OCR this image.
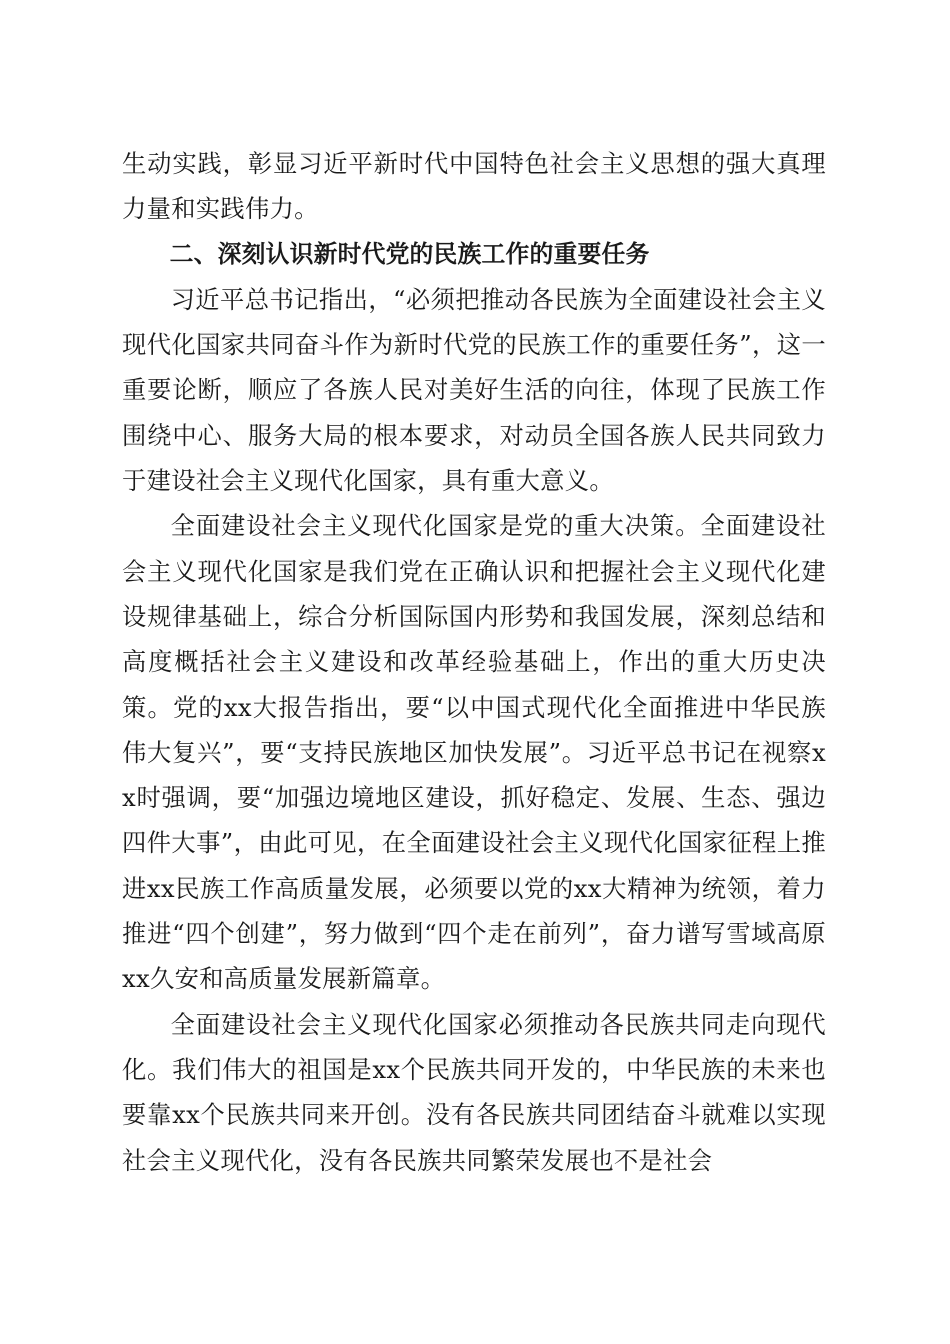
生动实践，彰显习近平新时代中国特色社会主义思想的强大真理力量和实践伟力。

二、深刻认识新时代党的民族工作的重要任务

习近平总书记指出，“必须把推动各民族为全面建设社会主义现代化国家共同奋斗作为新时代党的民族工作的重要任务”，这一重要论断，顺应了各族人民对美好生活的向往，体现了民族工作围绕中心、服务大局的根本要求，对动员全国各族人民共同致力于建设社会主义现代化国家，具有重大意义。

全面建设社会主义现代化国家是党的重大决策。全面建设社会主义现代化国家是我们党在正确认识和把握社会主义现代化建设规律基础上，综合分析国际国内形势和我国发展，深刻总结和高度概括社会主义建设和改革经验基础上，作出的重大历史决策。党的xx大报告指出，要“以中国式现代化全面推进中华民族伟大复兴”，要“支持民族地区加快发展”。习近平总书记在视察xx时强调，要“加强边境地区建设，抓好稳定、发展、生态、强边四件大事”，由此可见，在全面建设社会主义现代化国家征程上推进xx民族工作高质量发展，必须要以党的xx大精神为统领，着力推进“四个创建”，努力做到“四个走在前列”，奋力谱写雪域高原xx久安和高质量发展新篇章。

全面建设社会主义现代化国家必须推动各民族共同走向现代化。我们伟大的祖国是xx个民族共同开发的，中华民族的未来也要靠xx个民族共同来开创。没有各民族共同团结奋斗就难以实现社会主义现代化，没有各民族共同繁荣发展也不是社会
